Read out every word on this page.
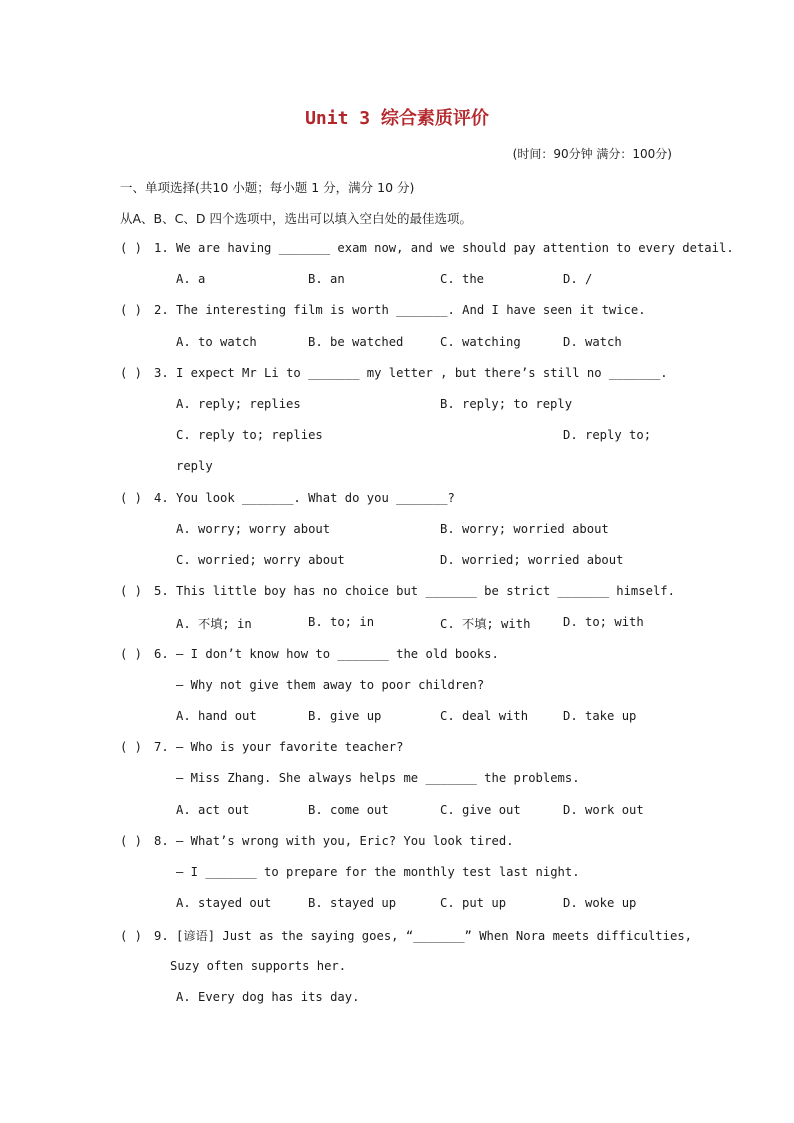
Unit 3 综合素质评价
(时间：90分钟 满分：100分)
一、单项选择(共10 小题；每小题 1 分，满分 10 分)
从A、B、C、D 四个选项中，选出可以填入空白处的最佳选项。
( ) 1. We are having _______ exam now, and we should pay attention to every detail.
A. a	B. an	C. the	D. /
( ) 2. The interesting film is worth _______. And I have seen it twice.
A. to watch	B. be watched	C. watching	D. watch
( ) 3. I expect Mr Li to _______ my letter , but there’s still no _______.
A. reply; replies	B. reply; to reply
C. reply to; replies	D. reply to;
reply
( ) 4. You look _______. What do you _______?
A. worry; worry about	B. worry; worried about
C. worried; worry about	D. worried; worried about
( ) 5. This little boy has no choice but _______ be strict _______ himself.
A. 不填; in	B. to; in	C. 不填; with	D. to; with
( ) 6. — I don’t know how to _______ the old books.
— Why not give them away to poor children?
A. hand out	B. give up	C. deal with	D. take up
( ) 7. — Who is your favorite teacher?
— Miss Zhang. She always helps me _______ the problems.
A. act out	B. come out	C. give out	D. work out
( ) 8. — What’s wrong with you, Eric? You look tired.
— I _______ to prepare for the monthly test last night.
A. stayed out	B. stayed up	C. put up	D. woke up
( ) 9. [谚语] Just as the saying goes, “_______” When Nora meets difficulties,
Suzy often supports her.
A. Every dog has its day.
